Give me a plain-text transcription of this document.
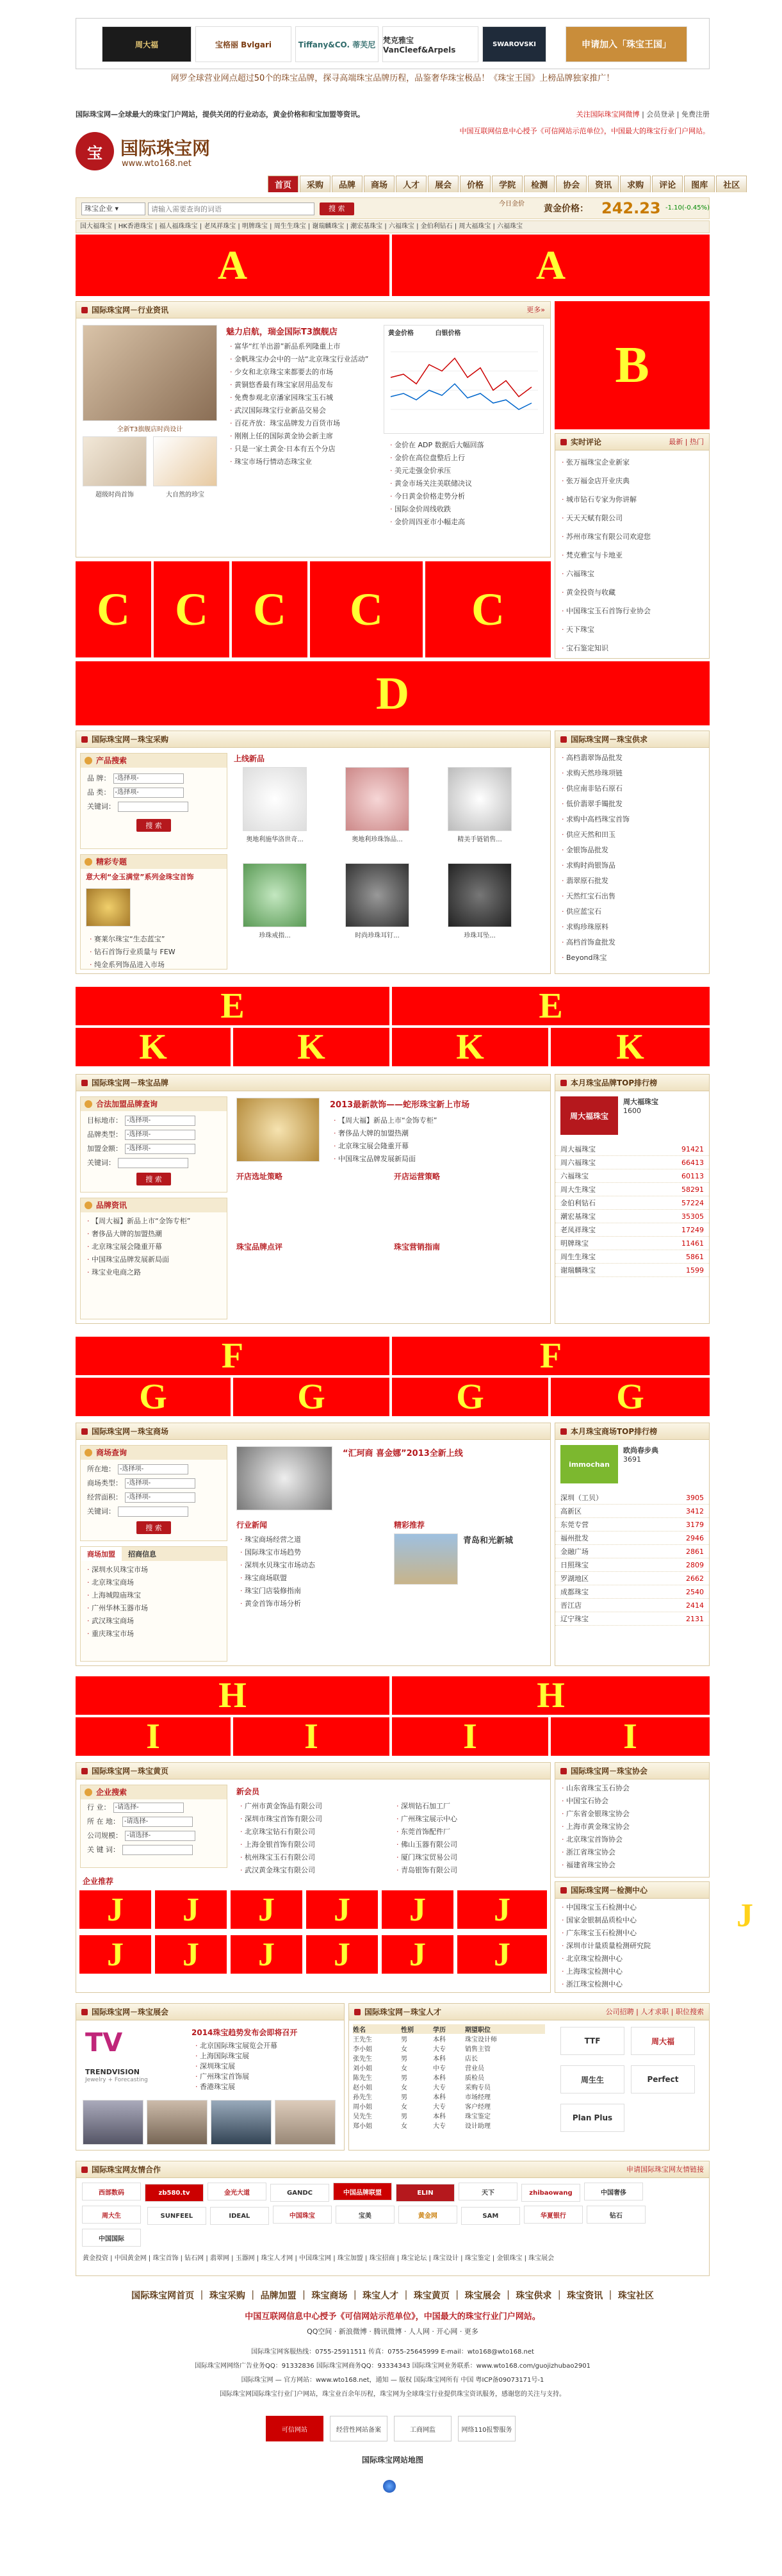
周大福	宝格丽 Bvlgari	Tiffany&CO. 蒂芙尼 梵克雅宝 VanCleef&Arpels
SWAROVSKI	申请加入「珠宝王国」
网罗全球营业网点超过50个的珠宝品牌，探寻高端珠宝品牌历程，品鉴奢华珠宝极品！《珠宝王国》上榜品牌独家推广！
国际珠宝网—全球最大的珠宝门户网站，提供关闭的行业动态，黄金价格和和宝加盟等资讯。	关注国际珠宝网微博 | 会员登录 | 免费注册
宝	国际珠宝网
www.wto168.net
中国互联网信息中心授予《可信网站示范单位》，中国最大的珠宝行业门户网站。
首页 采购 品牌 商场 人才 展会 价格 学院 检测 协会 资讯 求购 评论 图库 社区
珠宝企业 ▾
请输入需要查询的词语	搜 索
今日金价	黄金价格： 242.23 -1.10(-0.45%)
国大福珠宝 | HK香港珠宝 | 福人福珠珠宝 | 老凤祥珠宝 | 明牌珠宝 | 周生生珠宝 | 谢瑞麟珠宝 | 潮宏基珠宝 | 六福珠宝 | 金伯利钻石 | 周大福珠宝 | 六福珠宝
A	A
国际珠宝网－行业资讯	更多»
全新T3旗舰店时尚设计
超级时尚首饰	大自然的珍宝
魅力启航，瑞金国际T3旗舰店
· 富华“红羊出游”新品系列隆重上市
· 金帆珠宝办会中的一站“北京珠宝行业活动”
· 少女和北京珠宝来都要去的市场
· 黄铜悠香最有珠宝家居用品发布
· 免费参观北京潘家园珠宝玉石城
· 武汉国际珠宝行业新品交易会
· 百花齐放：珠宝品牌发力百货市场
· 刚刚上任的国际黄金协会新主席
· 只是一家土黄金·日本有五个分店
· 珠宝市场行情动态珠宝业
黄金价格	白银价格
· 金价在 ADP 数据后大幅回落
· 金价在高位盘整后上行
· 美元走强金价承压
· 黄金市场关注美联储决议
· 今日黄金价格走势分析
· 国际金价周线收跌
· 金价周四亚市小幅走高
B
实时评论	最新 | 热门
· 张万福珠宝企业新家
· 张万福金店开业庆典
· 城市钻石专家为你讲解
· 天天天赋有限公司
· 苏州市珠宝有限公司欢迎您
· 梵克雅宝与卡地亚
· 六福珠宝
· 黄金投资与收藏
· 中国珠宝玉石首饰行业协会
· 天下珠宝
· 宝石鉴定知识
C C C	C	C
D
国际珠宝网－珠宝采购
产品搜索
品 牌： -选择项-
品 类： -选择项-
关键词：
搜 索
精彩专题
意大利“金玉满堂”系列金珠宝首饰
· 赛莱尔珠宝“生态蓝宝”
· 钻石首饰行业质量与 FEW
· 纯金系列饰品进入市场
上线新品
奥地利施华洛世奇...	奥地利珍珠饰品...	精美手链销售...
珍珠戒指...	时尚珍珠耳钉...	珍珠耳坠...
国际珠宝网－珠宝供求
· 高档翡翠饰品批发
· 求购天然珍珠项链
· 供应南非钻石原石
· 低价翡翠手镯批发
· 求购中高档珠宝首饰
· 供应天然和田玉
· 金银饰品批发
· 求购时尚银饰品
· 翡翠原石批发
· 天然红宝石出售
· 供应蓝宝石
· 求购珍珠原料
· 高档首饰盒批发
· Beyond珠宝
E	E
K	K	K	K
国际珠宝网－珠宝品牌
合法加盟品牌查询
目标地市： -选择项-
品牌类型： -选择项-
加盟金额： -选择项-
关键词：
搜 索
品牌资讯
· 【周大福】新品上市“金饰专柜”
· 奢侈品大牌的加盟热潮
· 北京珠宝展会隆重开幕
· 中国珠宝品牌发展新局面
· 珠宝业电商之路
2013最新款饰——蛇形珠宝新上市场
· 【周大福】新品上市“金饰专柜”
· 奢侈品大牌的加盟热潮
· 北京珠宝展会隆重开幕
· 中国珠宝品牌发展新局面
开店选址策略	开店运营策略
珠宝品牌点评	珠宝营销指南
本月珠宝品牌TOP排行榜
周大福珠宝
周大福珠宝
1600
周大福珠宝	91421
周六福珠宝	66413
六福珠宝	60113
周大生珠宝	58291
金伯利钻石	57224
潮宏基珠宝	35305
老凤祥珠宝	17249
明牌珠宝	11461
周生生珠宝	5861
谢瑞麟珠宝	1599
F	F
G	G	G	G
国际珠宝网－珠宝商场
商场查询
所在地： -选择项-
商场类型： -选择项-
经营面积： -选择项-
关键词：
搜 索
商场加盟	招商信息
· 深圳水贝珠宝市场
· 北京珠宝商场
· 上海城隍庙珠宝
· 广州华林玉器市场
· 武汉珠宝商场
· 重庆珠宝市场
“汇珂商 喜金娜”2013全新上线
行业新闻
· 珠宝商场经营之道
· 国际珠宝市场趋势
· 深圳水贝珠宝市场动态
· 珠宝商场联盟
· 珠宝门店装修指南
· 黄金首饰市场分析
精彩推荐
青岛和光新城
本月珠宝商场TOP排行榜
immochan
欧尚春步典
3691
深圳（工贝）	3905
高新区	3412
东莞专营	3179
福州批发	2946
金融广场	2861
日照珠宝	2809
罗湖地区	2662
成都珠宝	2540
晋江店	2414
辽宁珠宝	2131
H	H
I	I	I	I
国际珠宝网－珠宝黄页
企业搜索
行 业： -请选择-
所 在 地： -请选择-
公司规模： -请选择-
关 键 词：
新会员
· 广州市黄金饰品有限公司
· 深圳市珠宝首饰有限公司
· 北京珠宝钻石有限公司
· 上海金银首饰有限公司
· 杭州珠宝玉石有限公司
· 武汉黄金珠宝有限公司
· 深圳钻石加工厂
· 广州珠宝展示中心
· 东莞首饰配件厂
· 佛山玉器有限公司
· 厦门珠宝贸易公司
· 青岛银饰有限公司
企业推荐
J	J	J	J	J	J
J	J	J	J	J	J
J
国际珠宝网－珠宝协会
· 山东省珠宝玉石协会
· 中国宝石协会
· 广东省金银珠宝协会
· 上海市黄金珠宝协会
· 北京珠宝首饰协会
· 浙江省珠宝协会
· 福建省珠宝协会
国际珠宝网－检测中心
· 中国珠宝玉石检测中心
· 国家金银制品质检中心
· 广东珠宝玉石检测中心
· 深圳市计量质量检测研究院
· 北京珠宝检测中心
· 上海珠宝检测中心
· 浙江珠宝检测中心
国际珠宝网－珠宝展会
TV
TRENDVISION
Jewelry + Forecasting
2014珠宝趋势发布会即将召开
· 北京国际珠宝展览会开幕
· 上海国际珠宝展
· 深圳珠宝展
· 广州珠宝首饰展
· 香港珠宝展
国际珠宝网－珠宝人才	公司招聘 | 人才求职 | 职位搜索
姓名	性别	学历	期望职位
王先生	男	本科	珠宝设计师
李小姐	女	大专	销售主管
张先生	男	本科	店长
刘小姐	女	中专	营业员
陈先生	男	本科	质检员
赵小姐	女	大专	采购专员
孙先生	男	本科	市场经理
周小姐	女	大专	客户经理
吴先生	男	本科	珠宝鉴定
郑小姐	女	大专	设计助理
TTF	周大福
周生生	Perfect
Plan Plus
国际珠宝网友情合作	申请国际珠宝网友情链接
西部数码	zb580.tv	金光大道	GANDC	中国品牌联盟	ELIN	天下	zhibaowang	中国奢侈周大生	SUNFEEL	IDEAL	中国珠宝	宝美	黄金网	SAM	华夏银行	钻石中国国际
黄金投资 | 中国黄金网 | 珠宝首饰 | 钻石网 | 翡翠网 | 玉器网 | 珠宝人才网 | 中国珠宝网 | 珠宝加盟 | 珠宝招商 | 珠宝论坛 | 珠宝设计 | 珠宝鉴定 | 金银珠宝 | 珠宝展会
国际珠宝网首页 ｜ 珠宝采购 ｜ 品牌加盟 ｜ 珠宝商场 ｜ 珠宝人才 ｜ 珠宝黄页 ｜ 珠宝展会 ｜ 珠宝供求 ｜ 珠宝资讯 ｜ 珠宝社区
中国互联网信息中心授予《可信网站示范单位》，中国最大的珠宝行业门户网站。
QQ空间 · 新浪微博 · 腾讯微博 · 人人网 · 开心网 · 更多
国际珠宝网客服热线：0755-25911511 传真：0755-25645999 E-mail：wto168@wto168.net
国际珠宝网网络广告业务QQ：91332836 国际珠宝网商务QQ：93334343 国际珠宝网业务联系：www.wto168.com/guojizhubao2901
国际珠宝网 — 官方网站：www.wto168.net，通知 — 版权 国际珠宝网所有 中国 粤ICP备09073171号-1
国际珠宝网国际珠宝行业门户网站，珠宝业百余年历程，珠宝网为全球珠宝行业提供珠宝资讯服务，感谢您的关注与支持。
可信网站	经营性网站备案	工商网监	网络110报警服务
国际珠宝网站地图
